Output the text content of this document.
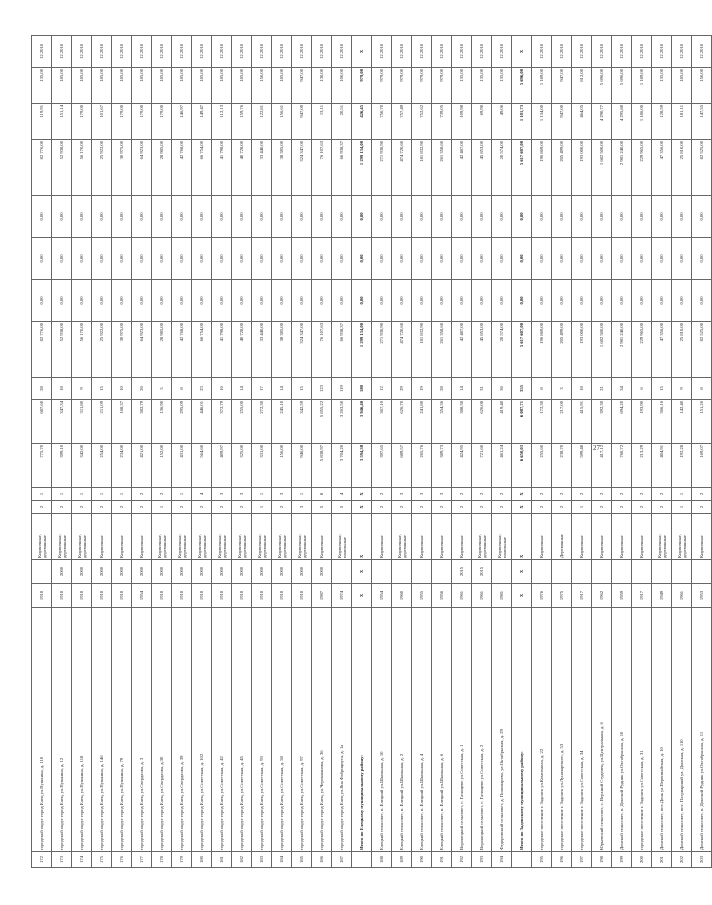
27
172	городской округ город Елец ул.Пушкина, д. 110	1918		Кирпичные, деревянные	2	1	775,70	687,60	28	82 776,00	0,00	0,00	0,00	82 776,00	119,91	135,00	12.2018
173	городской округ город Елец, ул.Пушкина, д. 12	1918	2000	Кирпичные, деревянные	2	1	399,10	347,34	18	52 938,00	0,00	0,00	0,00	52 938,00	151,14	185,00	12.2018
174	городской округ город Елец, ул.Пушкина, д. 118	1918	2000	Кирпичные, деревянные	2	1	342,00	311,80	9	56 170,00	0,00	0,00	0,00	56 170,00	179,00	185,00	12.2018
175	городской округ город Елец, ул.Пушкина, д. 146	1918	2000	Кирпичные	2	1	254,00	211,09	15	25 922,00	0,00	0,00	0,00	25 922,00	101,67	185,00	12.2018
176	городской округ город Елец, ул.Пушкина, д. 79	1918	2000	Кирпичные	2	1	234,00	168,37	10	30 975,00	0,00	0,00	0,00	30 975,00	179,00	185,00	12.2018
177	городской округ город Елец, ул.Свердлова, д. 3	1954	2000	Кирпичные	2	2	421,00	382,79	26	64 923,00	0,00	0,00	0,00	64 923,00	179,00	185,00	12.2018
178	городской округ город Елец, ул.Свердлова, д.30	1918	2000	Кирпичные, деревянные	1	2	152,00	136,90	5	28 985,00	0,00	0,00	0,00	28 985,00	179,00	185,00	12.2018
179	городской округ город Елец, ул.Свердлова, д. 39	1918	2000	Кирпичные, деревянные	2	1	431,00	295,09	8	42 768,00	0,00	0,00	0,00	42 768,00	146,97	185,00	12.2018
180	городской округ город Елец, ул.Советская, д. 102	1918	2000	Кирпичные, деревянные	2	4	564,60	446,01	23	66 754,00	0,00	0,00	0,00	66 754,00	149,47	185,00	12.2018
181	городской округ город Елец, ул.Советская, д. 42	1918	2000	Кирпичные, деревянные	2	3	409,97	372,79	16	41 798,00	0,00	0,00	0,00	41 798,00	112,13	185,00	12.2018
182	городской округ город Елец, ул.Советская, д. 45	1918	2000	Кирпичные, деревянные	2	3	325,00	255,00	14	40 728,00	0,00	0,00	0,00	40 728,00	159,76	185,00	12.2018
183	городской округ город Елец, ул.Советская, д. 93	1918	2000	Кирпичные, деревянные	1	1	331,00	272,30	17	33 440,00	0,00	0,00	0,00	33 440,00	122,81	150,00	12.2018
184	городской округ город Елец, ул.Советская, д. 58	1918	2000	Кирпичные, деревянные	2	3	156,00	245,10	14	38 385,00	0,00	0,00	0,00	38 385,00	156,61	185,00	12.2018
185	городской округ город Елец, ул.Советская, д. 97	1918	2000	Кирпичные, деревянные	3	1	946,00	342,59	15	324 347,00	0,00	0,00	0,00	324 347,00	947,00	947,00	12.2018
186	городской округ город Елец, ул.Черокманова, д. 36	1987	2000	Кирпичные	5	8	5 838,97	5 855,22	123	76 107,63	0,00	0,00	0,00	76 107,63	13,11	130,00	12.2018
187	городской округ город Елец ул.Яна Фабрициуса, д. 1а	1974		Кирпичные, панельные	5	4	3 704,20	3 263,50	119	66 938,37	0,00	0,00	0,00	66 938,37	20,51	100,00	12.2018
	Итого по Елецкому муниципальному району:	X	X	X	X	X	3 594,38	3 946,40	180	1 299 134,00	0,00	0,00	0,00	1 299 134,00	426,45	979,00	X
188	Елецкий сельсовет, п. Елецкий ул.Школьная, д. 10	1954		Кирпичные	2	2	397,65	367,10	12	271 930,90	0,00	0,00	0,00	271 930,90	750,70	979,00	12.2018
189	Елецкий сельсовет, п. Елецкий ул.Школьная, д. 2	1960		Кирпичные, деревянные	2	3	689,57	626,70	29	474 720,60	0,00	0,00	0,00	474 720,60	757,49	979,00	12.2018
190	Елецкий сельсовет, п. Елецкий ул.Школьная, д. 4	1955		Кирпичные	2	3	265,76	241,80	19	181 832,90	0,00	0,00	0,00	181 832,90	752,62	979,00	12.2018
191	Елецкий сельсовет, п. Елецкий ул.Школьная, д. 6	1956		Кирпичные	2	3	389,73	354,36	28	261 358,60	0,00	0,00	0,00	261 358,60	739,05	979,00	12.2018
192	Воронецкий сельсовет, с. Гатищево ул.Советская, д. 1	1961	2015	Кирпичные	2	2	424,95	388,30	14	42 487,00	0,00	0,00	0,00	42 487,00	109,98	135,00	12.2018
193	Воронецкий сельсовет, с. Гатищево ул.Советская, д. 2	1961	2015	Кирпичные, деревянные	2	2	721,60	626,08	31	45 853,00	0,00	0,00	0,00	45 853,00	69,90	135,00	12.2018
194	Федоровский сельсовет, д. Пономарево, ул.Октябрьская, д. 29	1981		Кирпичные, панельные	2	2	461,24	419,40	36	20 574,00	0,00	0,00	0,00	20 574,00	49,06	135,00	12.2018
	Итого по Задонскому муниципальному району:	X	X	X	X	X	6 650,03	6 087,71	355	5 617 607,00	0,00	0,00	0,00	5 617 607,00	1 101,73	5 696,00	X
195	городское поселение г. Задонск ул.Комсомола, д. 22	1976		Кирпичные	2	2	255,60	172,30	8	196 869,00	0,00	0,00	0,00	196 869,00	1 134,00	1 189,00	12.2018
196	городское поселение г. Задонск ул.Луначарского, д. 53	1975		Деревянные	2	2	238,70	217,00	3	205 499,00	0,00	0,00	0,00	205 499,00	947,00	947,00	12.2018
197	городское поселение г. Задонск ул.Советская, д. 34	1917		Кирпичные	1	2	599,48	415,91	18	193 000,00	0,00	0,00	0,00	193 000,00	464,05	812,00	12.2018
198	Юрьевский сельсовет, с. Верхний Студенец, ул.Центральная, д. 6	1962		Кирпичные	2	2	417,12	392,30	21	1 682 500,00	0,00	0,00	0,00	1 682 500,00	4 290,77	5 696,00	12.2018
199	Донской сельсовет, п. Донской Рудник ул.Октябрьская, д. 10	1959		Кирпичные	2	2	760,72	694,20	34	2 981 240,00	0,00	0,00	0,00	2 981 240,00	4 295,88	5 696,00	12.2018
200	городское поселение г. Задонск ул.Советская, д. 31	1917		Кирпичные	2	2	213,29	193,90	6	229 965,00	0,00	0,00	0,00	229 965,00	1 186,00	1 189,00	12.2018
201	Донской сельсовет, пос.Донь ул.Первомайская, д. 10	1949		Кирпичные, деревянные	2	2	404,91	366,16	15	47 356,00	0,00	0,00	0,00	47 356,00	128,59	135,00	12.2018
202	Донской сельсовет, пос. Патриарший ул. Донская, д. 110	1961		Кирпичные, деревянные	1	1	192,28	142,40	9	25 810,00	0,00	0,00	0,00	25 810,00	181,11	185,00	12.2018
203	Донской сельсовет, п. Донской Рудник ул.Октябрьская, д. 11	1953		Кирпичные	2	2	169,07	151,26	8	82 525,00	0,00	0,00	0,00	82 525,00	147,55	150,00	12.2018
